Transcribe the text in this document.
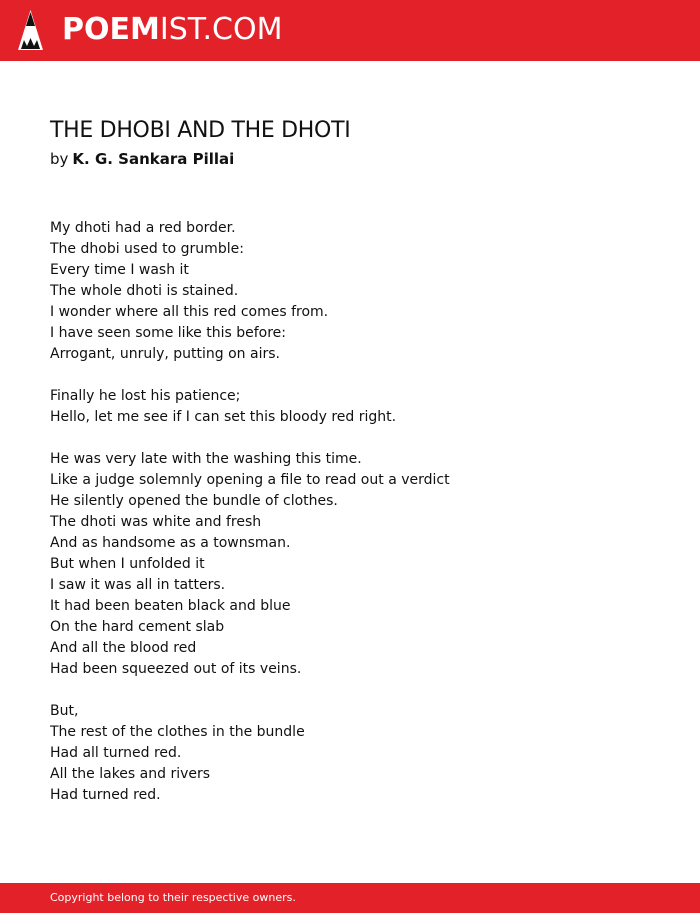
POEMIST.COM
THE DHOBI AND THE DHOTI
by K. G. Sankara Pillai
My dhoti had a red border.
The dhobi used to grumble:
Every time I wash it
The whole dhoti is stained.
I wonder where all this red comes from.
I have seen some like this before:
Arrogant, unruly, putting on airs.
Finally he lost his patience;
Hello, let me see if I can set this bloody red right.
He was very late with the washing this time.
Like a judge solemnly opening a file to read out a verdict
He silently opened the bundle of clothes.
The dhoti was white and fresh
And as handsome as a townsman.
But when I unfolded it
I saw it was all in tatters.
It had been beaten black and blue
On the hard cement slab
And all the blood red
Had been squeezed out of its veins.
But,
The rest of the clothes in the bundle
Had all turned red.
All the lakes and rivers
Had turned red.
Copyright belong to their respective owners.
